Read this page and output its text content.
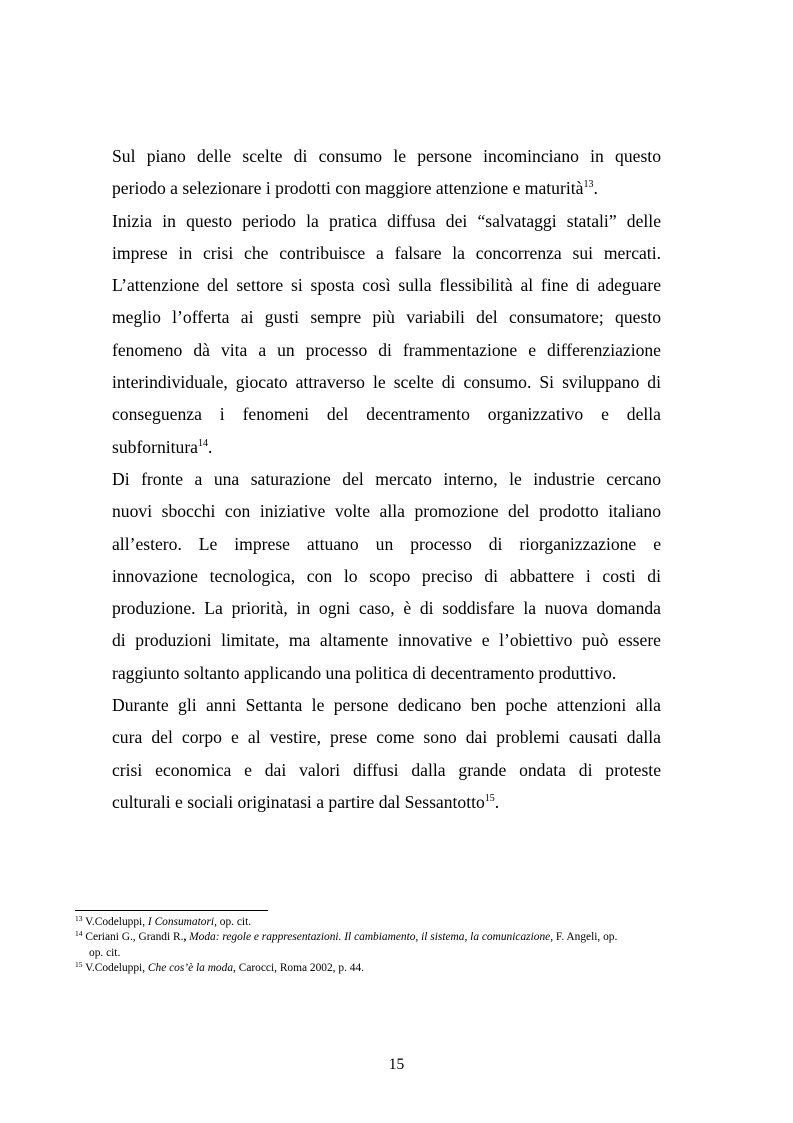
Sul piano delle scelte di consumo le persone incominciano in questo
periodo a selezionare i prodotti con maggiore attenzione e maturità$^{13}$.
Inizia in questo periodo la pratica diffusa dei “salvataggi statali” delle
imprese in crisi che contribuisce a falsare la concorrenza sui mercati.
L’attenzione del settore si sposta così sulla flessibilità al fine di adeguare
meglio l’offerta ai gusti sempre più variabili del consumatore; questo
fenomeno dà vita a un processo di frammentazione e differenziazione
interindividuale, giocato attraverso le scelte di consumo. Si sviluppano di
conseguenza i fenomeni del decentramento organizzativo e della
subfornitura$^{14}$.
Di fronte a una saturazione del mercato interno, le industrie cercano
nuovi sbocchi con iniziative volte alla promozione del prodotto italiano
all’estero. Le imprese attuano un processo di riorganizzazione e
innovazione tecnologica, con lo scopo preciso di abbattere i costi di
produzione. La priorità, in ogni caso, è di soddisfare la nuova domanda
di produzioni limitate, ma altamente innovative e l’obiettivo può essere
raggiunto soltanto applicando una politica di decentramento produttivo.
Durante gli anni Settanta le persone dedicano ben poche attenzioni alla
cura del corpo e al vestire, prese come sono dai problemi causati dalla
crisi economica e dai valori diffusi dalla grande ondata di proteste
culturali e sociali originatasi a partire dal Sessantotto$^{15}$.
$^{13}$ V.Codeluppi, I Consumatori, op. cit.
$^{14}$ Ceriani G., Grandi R., Moda: regole e rappresentazioni. Il cambiamento, il sistema, la comunicazione, F. Angeli, op.
op. cit.
$^{15}$ V.Codeluppi, Che cos’è la moda, Carocci, Roma 2002, p. 44.
15
